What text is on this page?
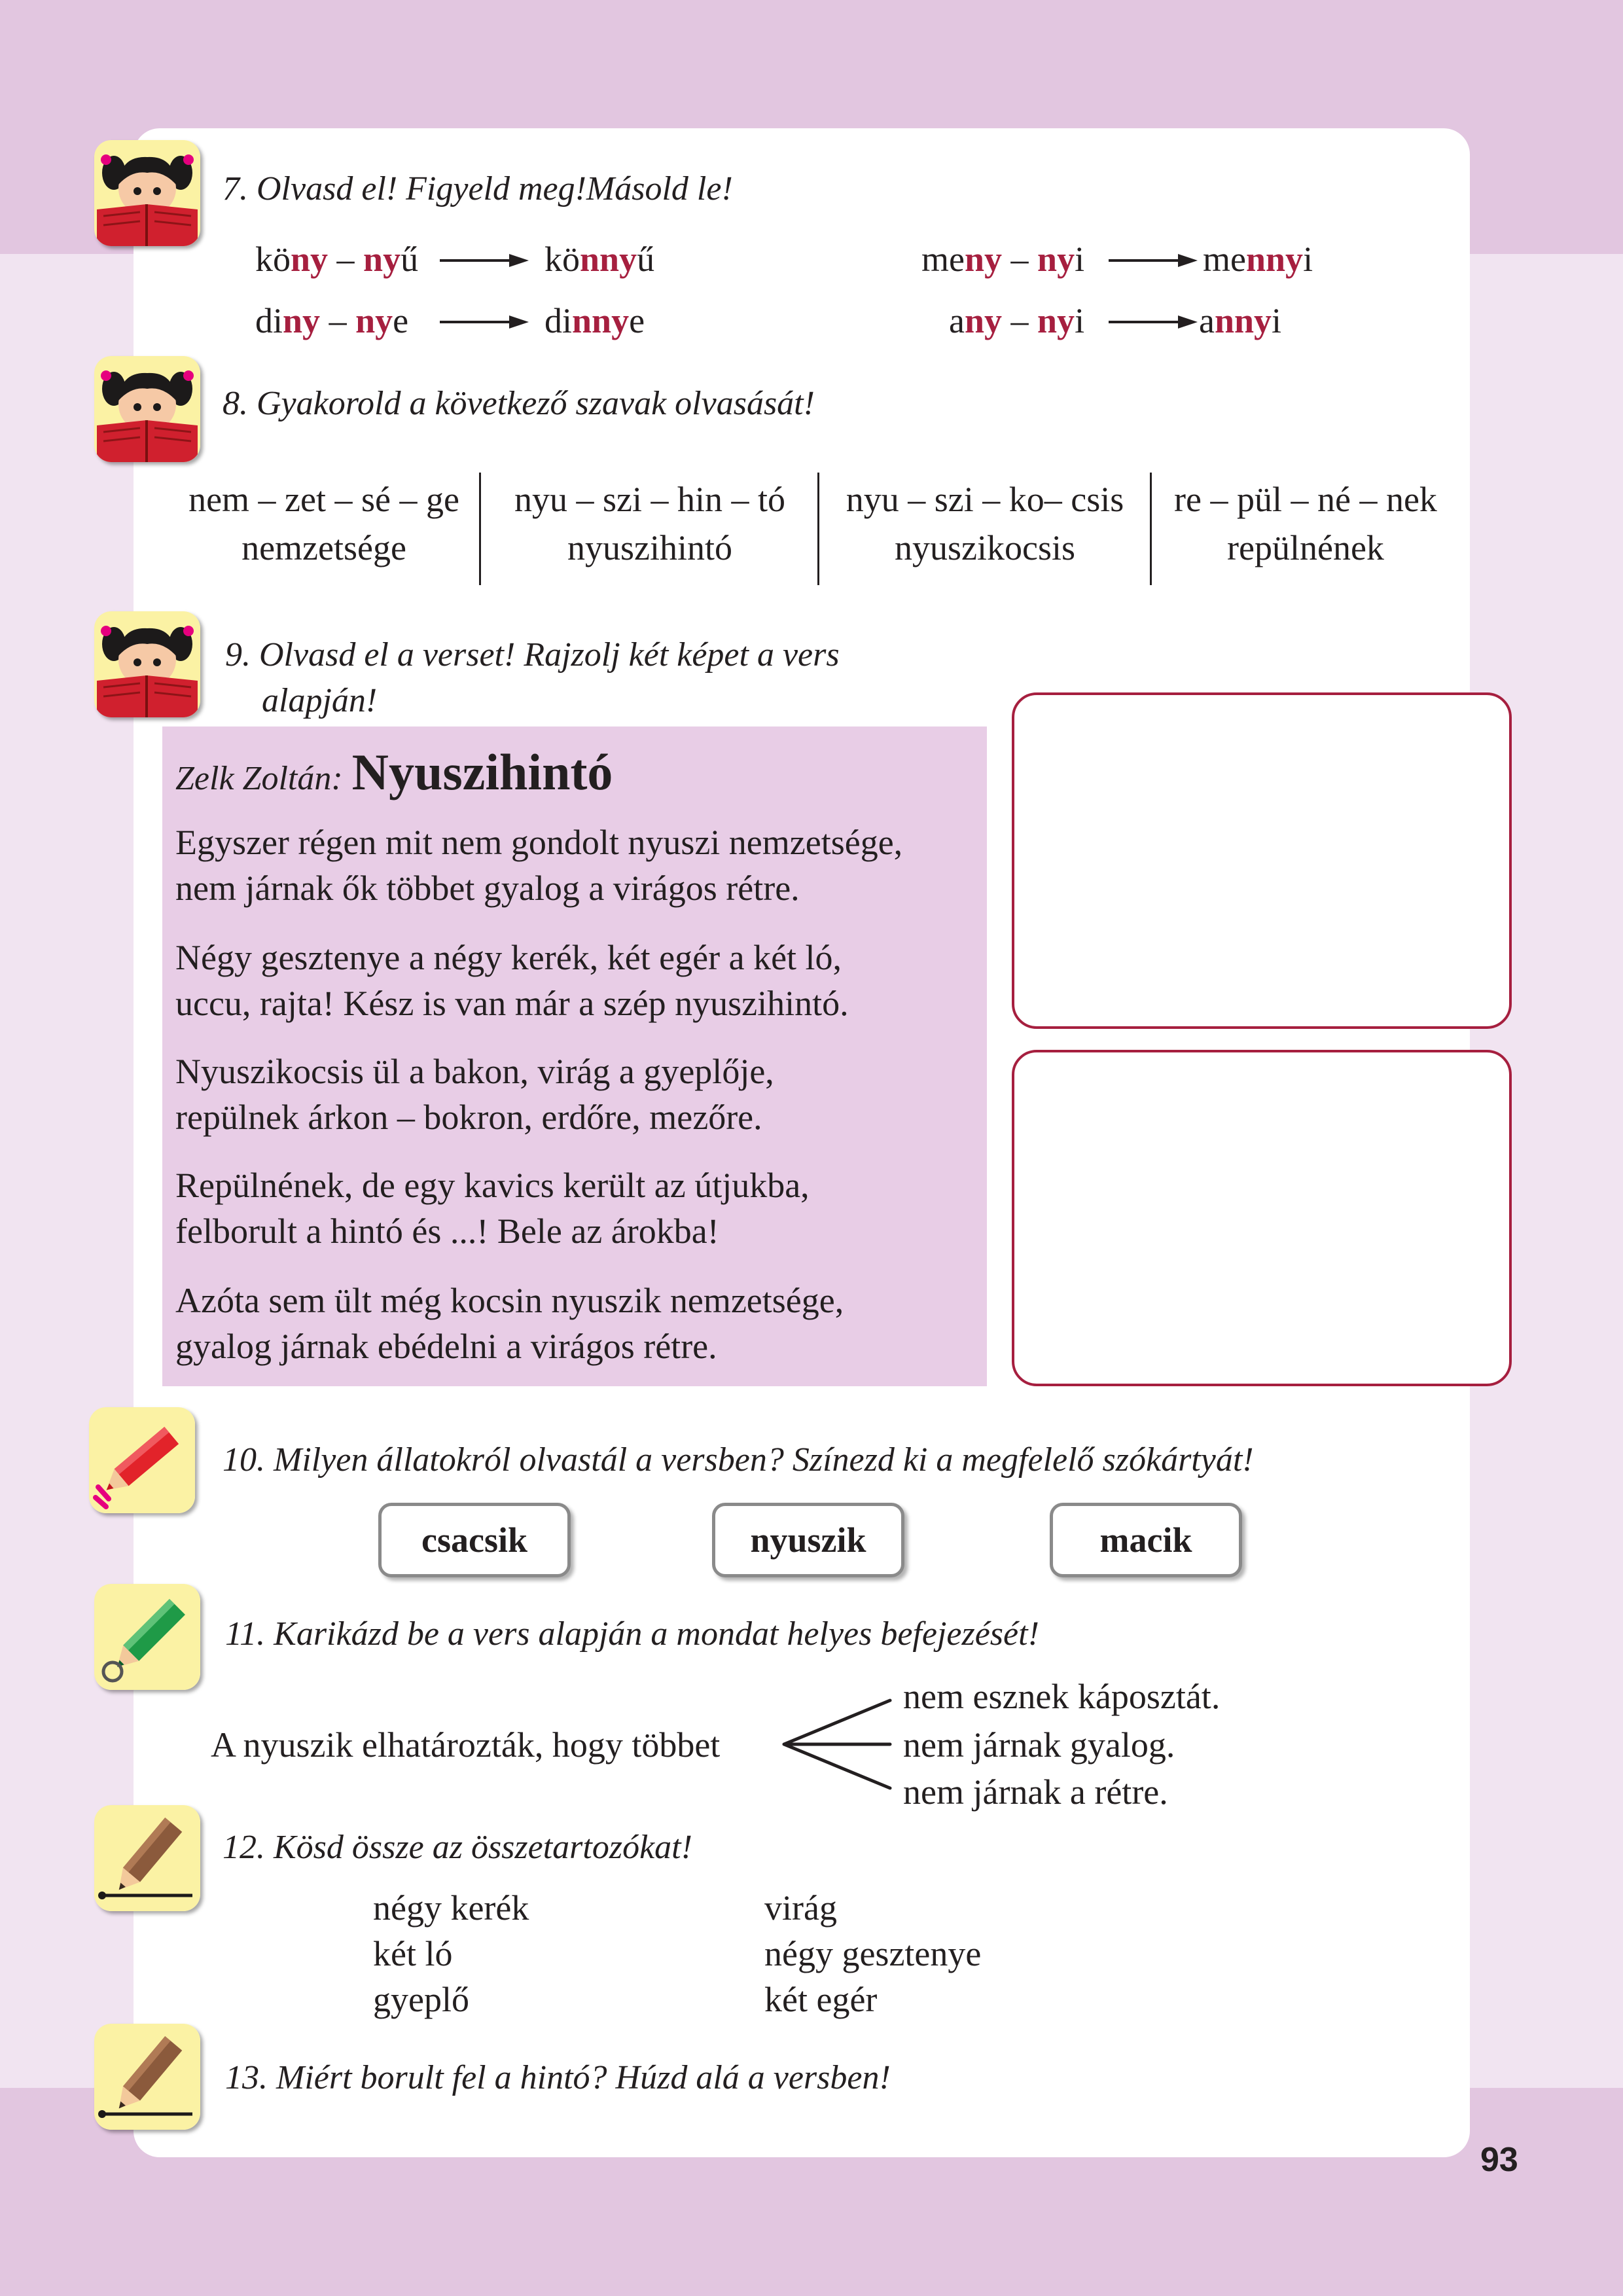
7. Olvasd el! Figyeld meg!Másold le!
köny – nyű	könnyű
diny – nye	dinnye
meny – nyi	mennyi
any – nyi	annyi
8. Gyakorold a következő szavak olvasását!
nem – zet – sé – ge
nemzetsége
nyu – szi – hin – tó
nyuszihintó
nyu – szi – ko– csis
nyuszikocsis
re – pül – né – nek
repülnének
9. Olvasd el a verset! Rajzolj két képet a vers
alapján!
Zelk Zoltán: Nyuszihintó
Egyszer régen mit nem gondolt nyuszi nemzetsége,
nem járnak ők többet gyalog a virágos rétre.
Négy gesztenye a négy kerék, két egér a két ló,
uccu, rajta! Kész is van már a szép nyuszihintó.
Nyuszikocsis ül a bakon, virág a gyeplője,
repülnek árkon – bokron, erdőre, mezőre.
Repülnének, de egy kavics került az útjukba,
felborult a hintó és ...! Bele az árokba!
Azóta sem ült még kocsin nyuszik nemzetsége,
gyalog járnak ebédelni a virágos rétre.
10. Milyen állatokról olvastál a versben? Színezd ki a megfelelő szókártyát!
csacsik	nyuszik	macik
11. Karikázd be a vers alapján a mondat helyes befejezését!
A nyuszik elhatározták, hogy többet
nem esznek káposztát.
nem járnak gyalog.
nem járnak a rétre.
12. Kösd össze az összetartozókat!
négy kerék
két ló
gyeplő
virág
négy gesztenye
két egér
13. Miért borult fel a hintó? Húzd alá a versben!
93
